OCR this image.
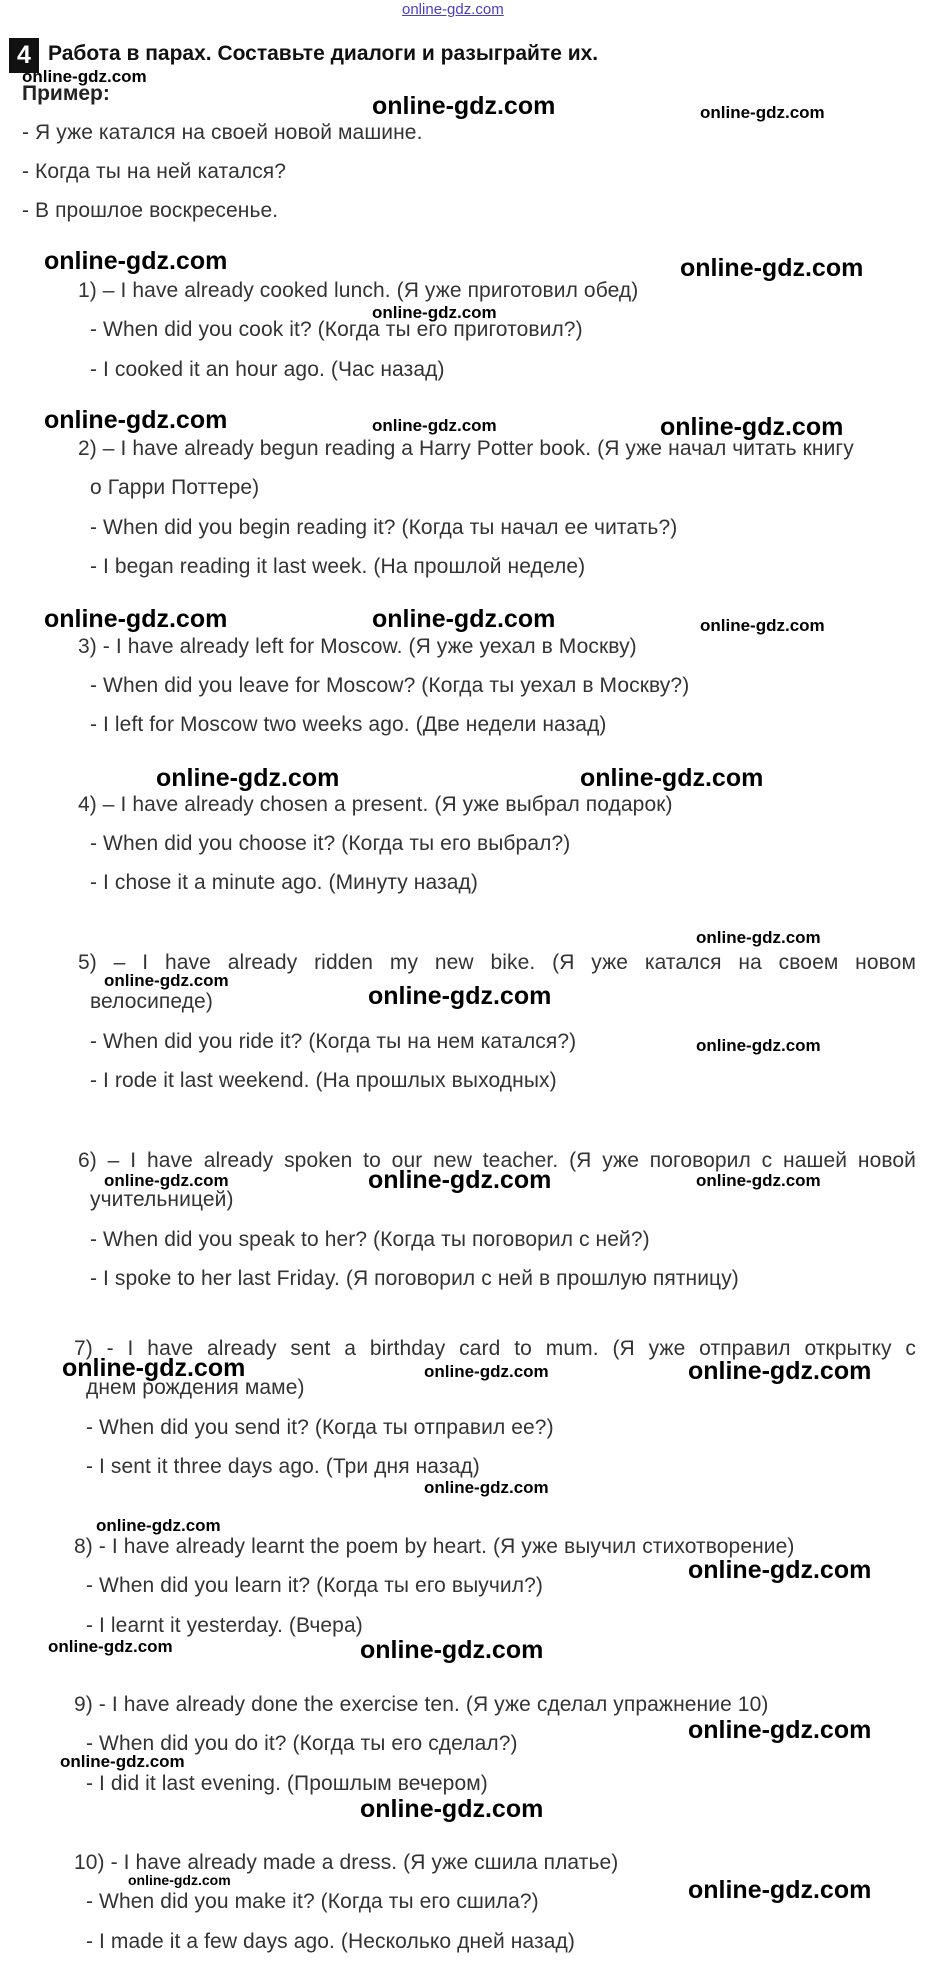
online-gdz.com
4 Работа в парах. Составьте диалоги и разыграйте их.
Пример:
- Я уже катался на своей новой машине.
- Когда ты на ней катался?
- В прошлое воскресенье.
1) – I have already cooked lunch. (Я уже приготовил обед)
- When did you cook it? (Когда ты его приготовил?)
- I cooked it an hour ago. (Час назад)
2) – I have already begun reading a Harry Potter book. (Я уже начал читать книгу
о Гарри Поттере)
- When did you begin reading it? (Когда ты начал ее читать?)
- I began reading it last week. (На прошлой неделе)
3) - I have already left for Moscow. (Я уже уехал в Москву)
- When did you leave for Moscow? (Когда ты уехал в Москву?)
- I left for Moscow two weeks ago. (Две недели назад)
4) – I have already chosen a present. (Я уже выбрал подарок)
- When did you choose it? (Когда ты его выбрал?)
- I chose it a minute ago. (Минуту назад)
5) – I have already ridden my new bike. (Я уже катался на своем новом
велосипеде)
- When did you ride it? (Когда ты на нем катался?)
- I rode it last weekend. (На прошлых выходных)
6) – I have already spoken to our new teacher. (Я уже поговорил с нашей новой
учительницей)
- When did you speak to her? (Когда ты поговорил с ней?)
- I spoke to her last Friday. (Я поговорил с ней в прошлую пятницу)
7) - I have already sent a birthday card to mum. (Я уже отправил открытку с
днем рождения маме)
- When did you send it? (Когда ты отправил ее?)
- I sent it three days ago. (Три дня назад)
8) - I have already learnt the poem by heart. (Я уже выучил стихотворение)
- When did you learn it? (Когда ты его выучил?)
- I learnt it yesterday. (Вчера)
9) - I have already done the exercise ten. (Я уже сделал упражнение 10)
- When did you do it? (Когда ты его сделал?)
- I did it last evening. (Прошлым вечером)
10) - I have already made a dress. (Я уже сшила платье)
- When did you make it? (Когда ты его сшила?)
- I made it a few days ago. (Несколько дней назад)
online-gdz.com
online-gdz.com	online-gdz.com
online-gdz.com	online-gdz.com
online-gdz.com
online-gdz.com	online-gdz.com	online-gdz.com
online-gdz.com	online-gdz.com	online-gdz.com
online-gdz.com	online-gdz.com
online-gdz.com
online-gdz.com
online-gdz.com
online-gdz.com
online-gdz.com	online-gdz.com	online-gdz.com
online-gdz.com	online-gdz.com	online-gdz.com
online-gdz.com
online-gdz.com
online-gdz.com
online-gdz.com	online-gdz.com
online-gdz.com
online-gdz.com
online-gdz.com
online-gdz.com	online-gdz.com
